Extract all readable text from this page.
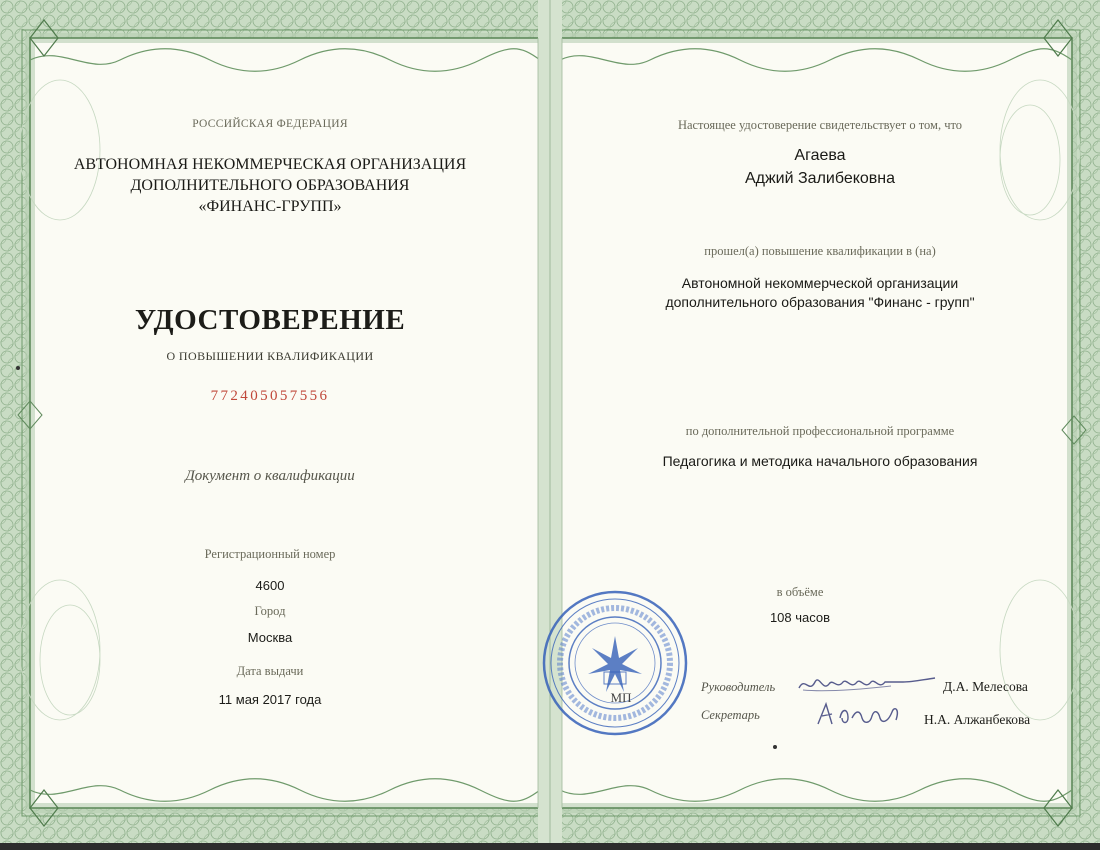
РОССИЙСКАЯ ФЕДЕРАЦИЯ
АВТОНОМНАЯ НЕКОММЕРЧЕСКАЯ ОРГАНИЗАЦИЯ
ДОПОЛНИТЕЛЬНОГО ОБРАЗОВАНИЯ
«ФИНАНС-ГРУПП»
УДОСТОВЕРЕНИЕ
О ПОВЫШЕНИИ КВАЛИФИКАЦИИ
772405057556
Документ о квалификации
Регистрационный номер
4600
Город
Москва
Дата выдачи
11 мая 2017 года
Настоящее удостоверение свидетельствует о том, что
Агаева
Аджий Залибековна
прошел(а) повышение квалификации в (на)
Автономной некоммерческой организации
дополнительного образования "Финанс - групп"
по дополнительной профессиональной программе
Педагогика и методика начального образования
в объёме
108 часов
МП
Руководитель	Д.А. Мелесова
Секретарь	Н.А. Алжанбекова
